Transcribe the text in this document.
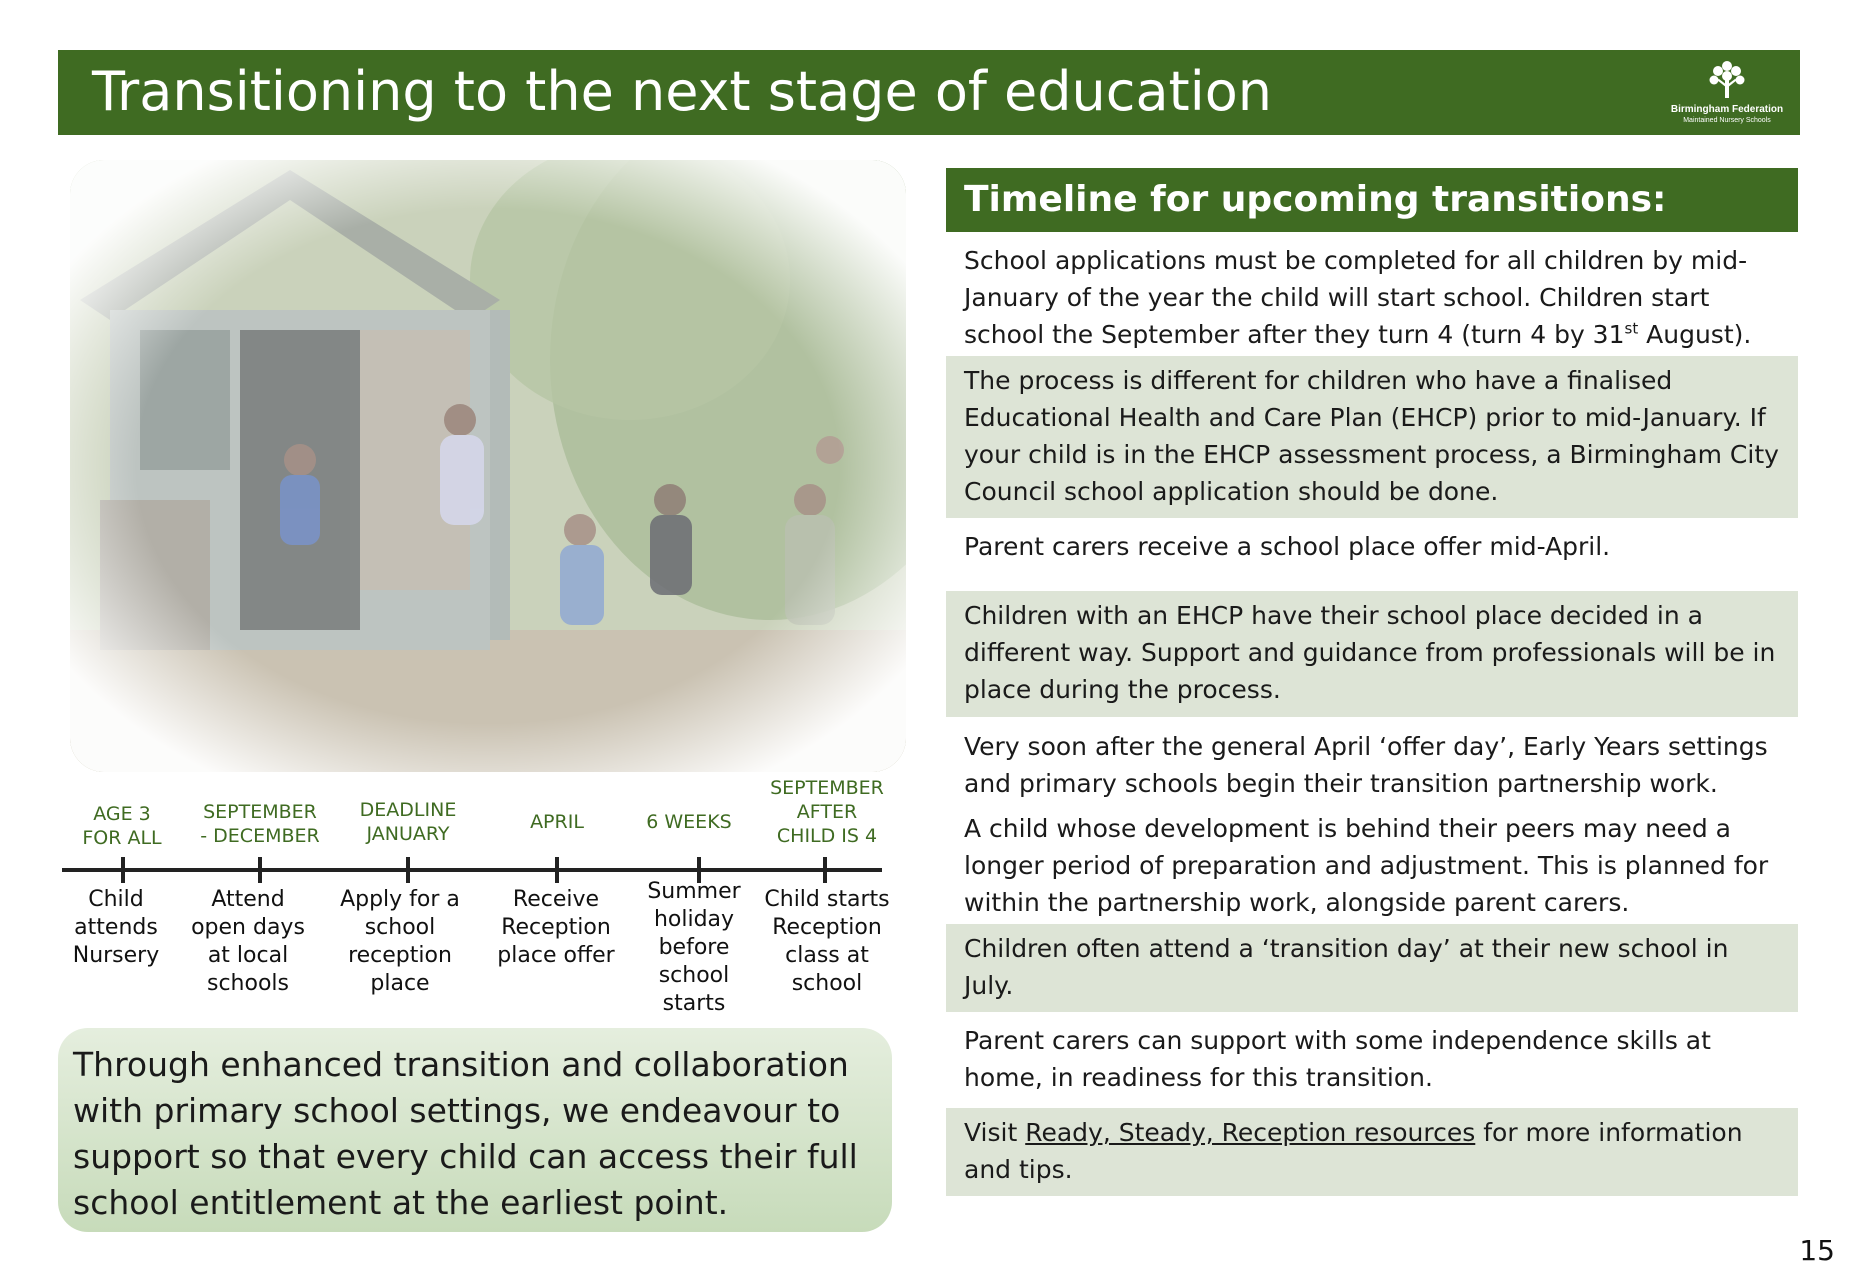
Transitioning to the next stage of education	Birmingham Federation
Maintained Nursery Schools
AGE 3
FOR ALL
SEPTEMBER
- DECEMBER
DEADLINE
JANUARY
APRIL	6 WEEKS
SEPTEMBER
AFTER
CHILD IS 4
Child
attends
Nursery
Attend
open days
at local
schools
Apply for a
school
reception
place
Receive
Reception
place offer
Summer
holiday
before
school
starts
Child starts
Reception
class at
school
Through enhanced transition and collaboration with primary school settings, we endeavour to support so that every child can access their full school entitlement at the earliest point.
Timeline for upcoming transitions:
School applications must be completed for all children by mid-January of the year the child will start school. Children start school the September after they turn 4 (turn 4 by 31st August).
The process is different for children who have a finalised Educational Health and Care Plan (EHCP) prior to mid-January. If your child is in the EHCP assessment process, a Birmingham City Council school application should be done.
Parent carers receive a school place offer mid-April.
Children with an EHCP have their school place decided in a different way. Support and guidance from professionals will be in place during the process.
Very soon after the general April ‘offer day’, Early Years settings and primary schools begin their transition partnership work.
A child whose development is behind their peers may need a longer period of preparation and adjustment. This is planned for within the partnership work, alongside parent carers.
Children often attend a ‘transition day’ at their new school in July.
Parent carers can support with some independence skills at home, in readiness for this transition.
Visit Ready, Steady, Reception resources for more information and tips.
15
